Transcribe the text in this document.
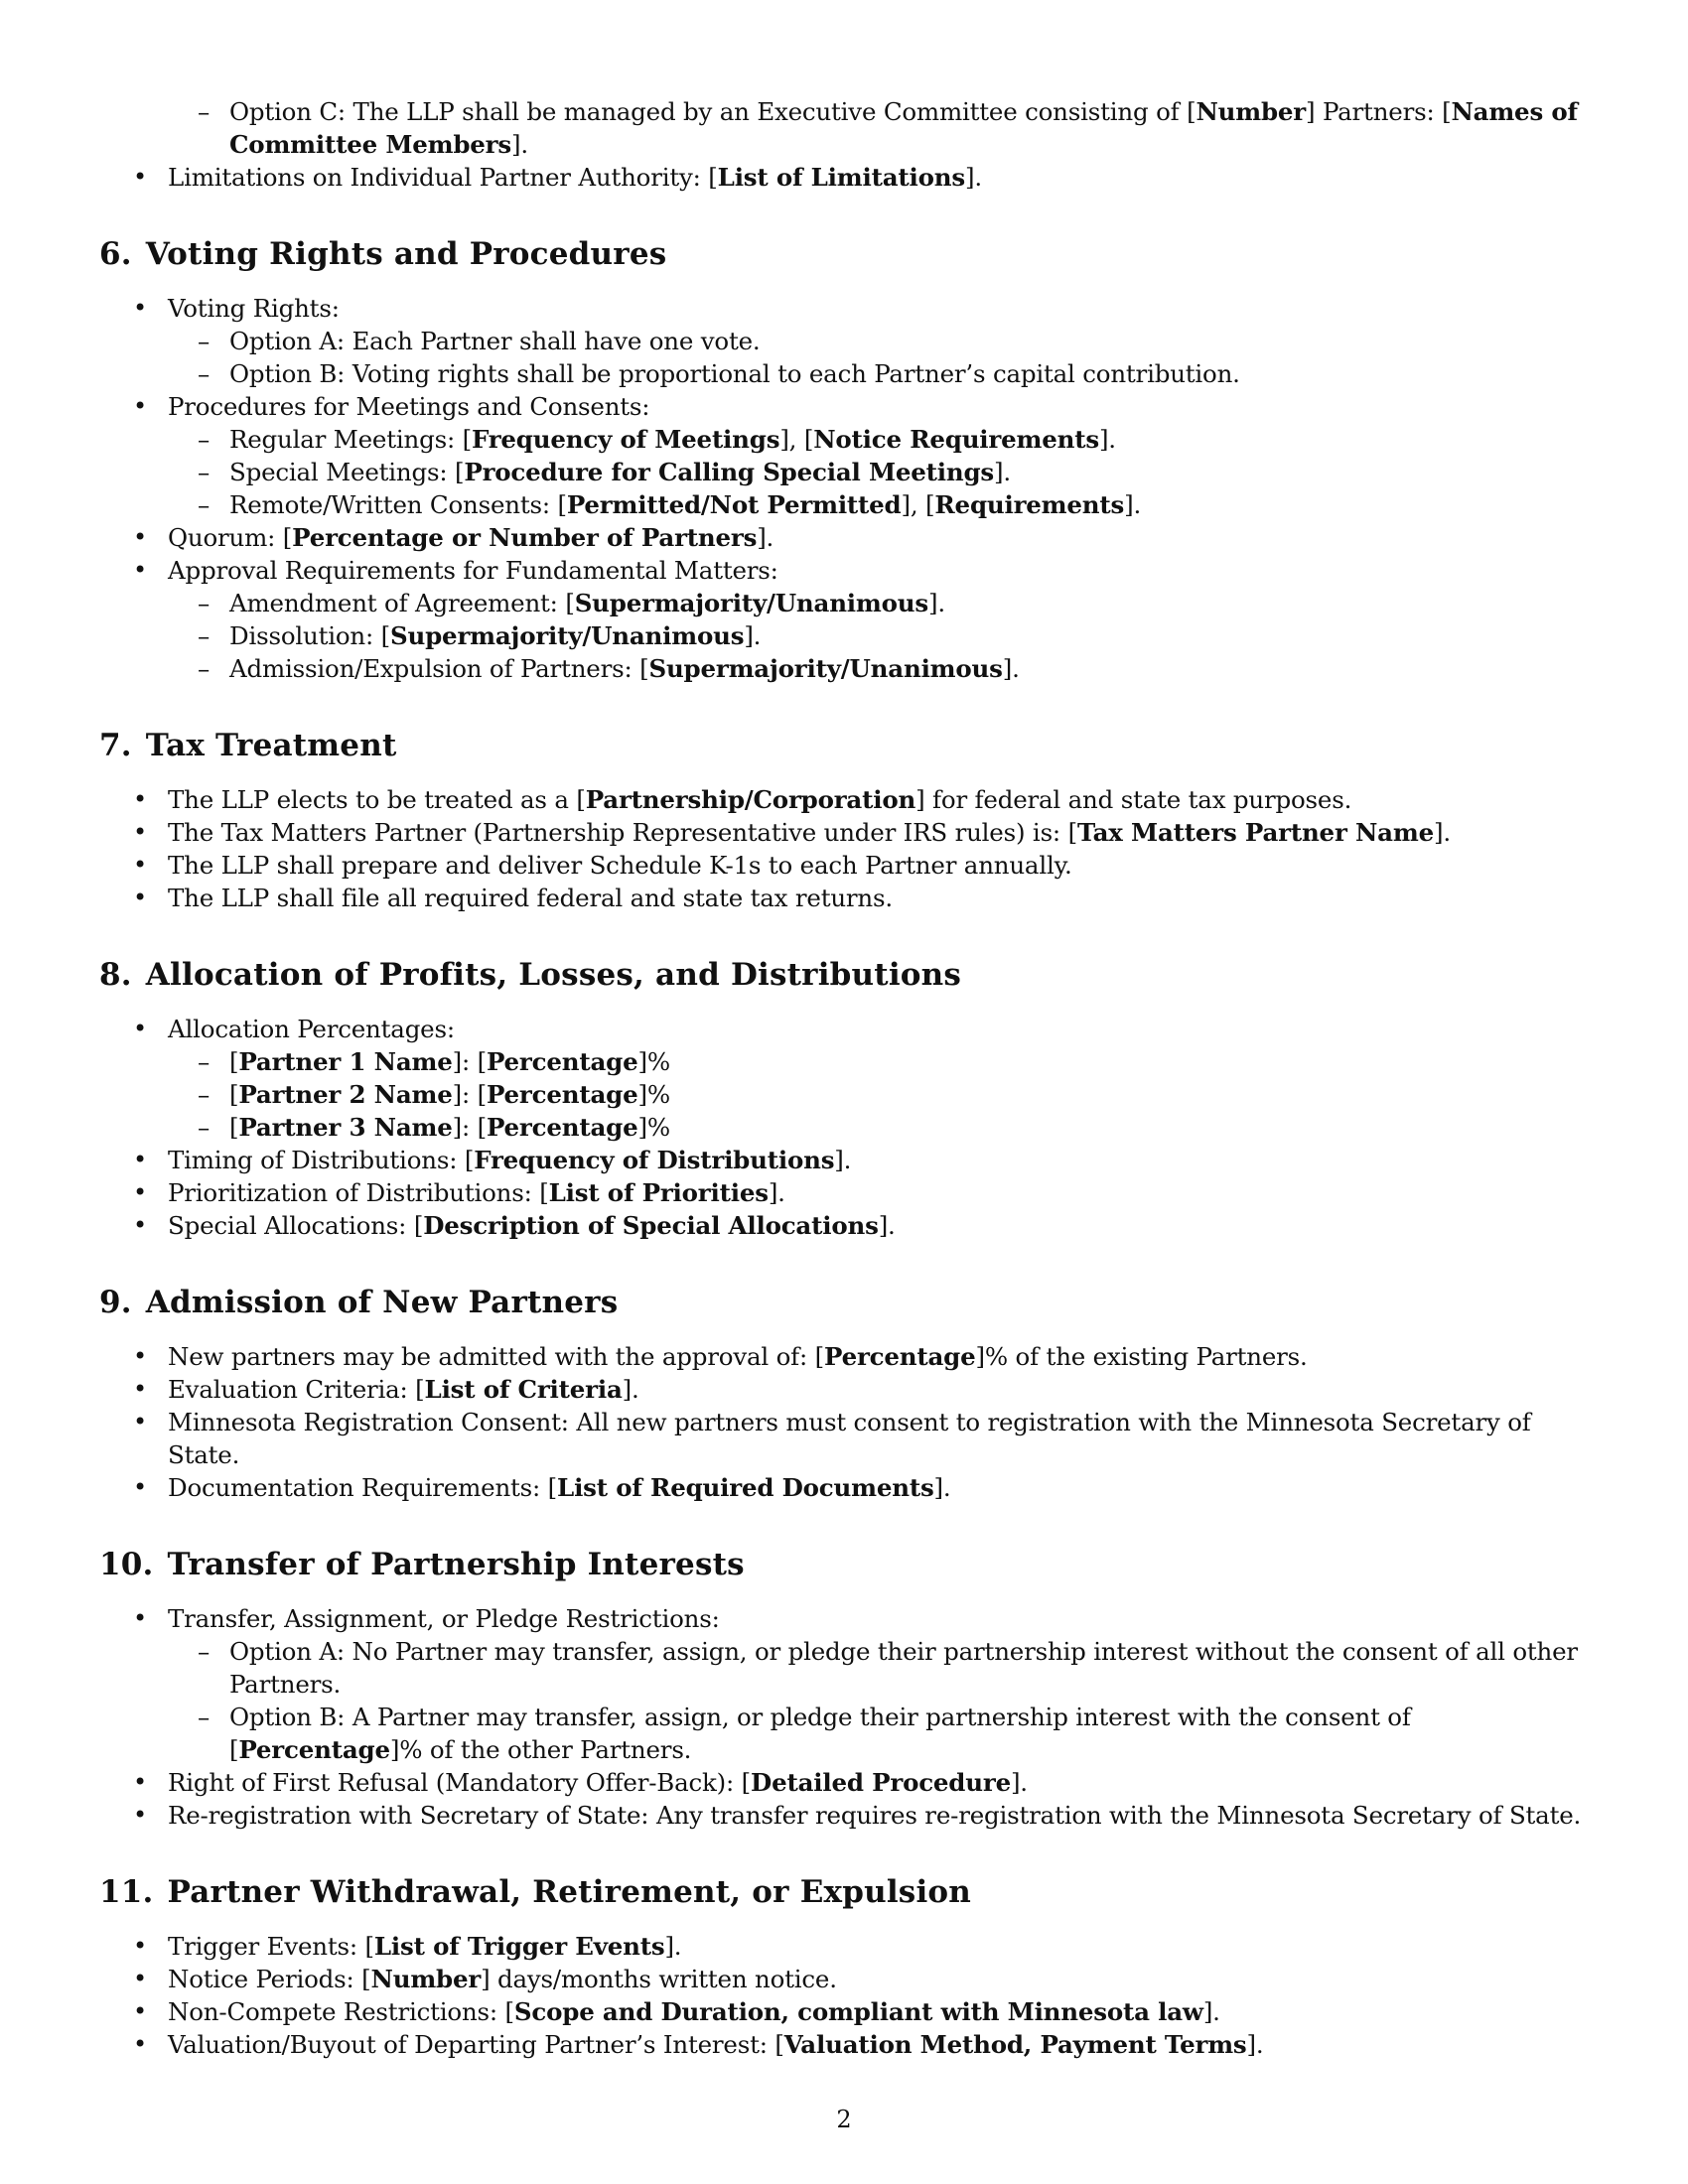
– Option C: The LLP shall be managed by an Executive Committee consisting of [Number] Partners: [Names of Committee Members].
• Limitations on Individual Partner Authority: [List of Limitations].
6. Voting Rights and Procedures
• Voting Rights:
– Option A: Each Partner shall have one vote.
– Option B: Voting rights shall be proportional to each Partner’s capital contribution.
• Procedures for Meetings and Consents:
– Regular Meetings: [Frequency of Meetings], [Notice Requirements].
– Special Meetings: [Procedure for Calling Special Meetings].
– Remote/Written Consents: [Permitted/Not Permitted], [Requirements].
• Quorum: [Percentage or Number of Partners].
• Approval Requirements for Fundamental Matters:
– Amendment of Agreement: [Supermajority/Unanimous].
– Dissolution: [Supermajority/Unanimous].
– Admission/Expulsion of Partners: [Supermajority/Unanimous].
7. Tax Treatment
• The LLP elects to be treated as a [Partnership/Corporation] for federal and state tax purposes.
• The Tax Matters Partner (Partnership Representative under IRS rules) is: [Tax Matters Partner Name].
• The LLP shall prepare and deliver Schedule K-1s to each Partner annually.
• The LLP shall file all required federal and state tax returns.
8. Allocation of Profits, Losses, and Distributions
• Allocation Percentages:
– [Partner 1 Name]: [Percentage]%
– [Partner 2 Name]: [Percentage]%
– [Partner 3 Name]: [Percentage]%
• Timing of Distributions: [Frequency of Distributions].
• Prioritization of Distributions: [List of Priorities].
• Special Allocations: [Description of Special Allocations].
9. Admission of New Partners
• New partners may be admitted with the approval of: [Percentage]% of the existing Partners.
• Evaluation Criteria: [List of Criteria].
• Minnesota Registration Consent: All new partners must consent to registration with the Minnesota Secretary of State.
• Documentation Requirements: [List of Required Documents].
10. Transfer of Partnership Interests
• Transfer, Assignment, or Pledge Restrictions:
– Option A: No Partner may transfer, assign, or pledge their partnership interest without the consent of all other Partners.
– Option B: A Partner may transfer, assign, or pledge their partnership interest with the consent of [Percentage]% of the other Partners.
• Right of First Refusal (Mandatory Offer-Back): [Detailed Procedure].
• Re-registration with Secretary of State: Any transfer requires re-registration with the Minnesota Secretary of State.
11. Partner Withdrawal, Retirement, or Expulsion
• Trigger Events: [List of Trigger Events].
• Notice Periods: [Number] days/months written notice.
• Non-Compete Restrictions: [Scope and Duration, compliant with Minnesota law].
• Valuation/Buyout of Departing Partner’s Interest: [Valuation Method, Payment Terms].
2
